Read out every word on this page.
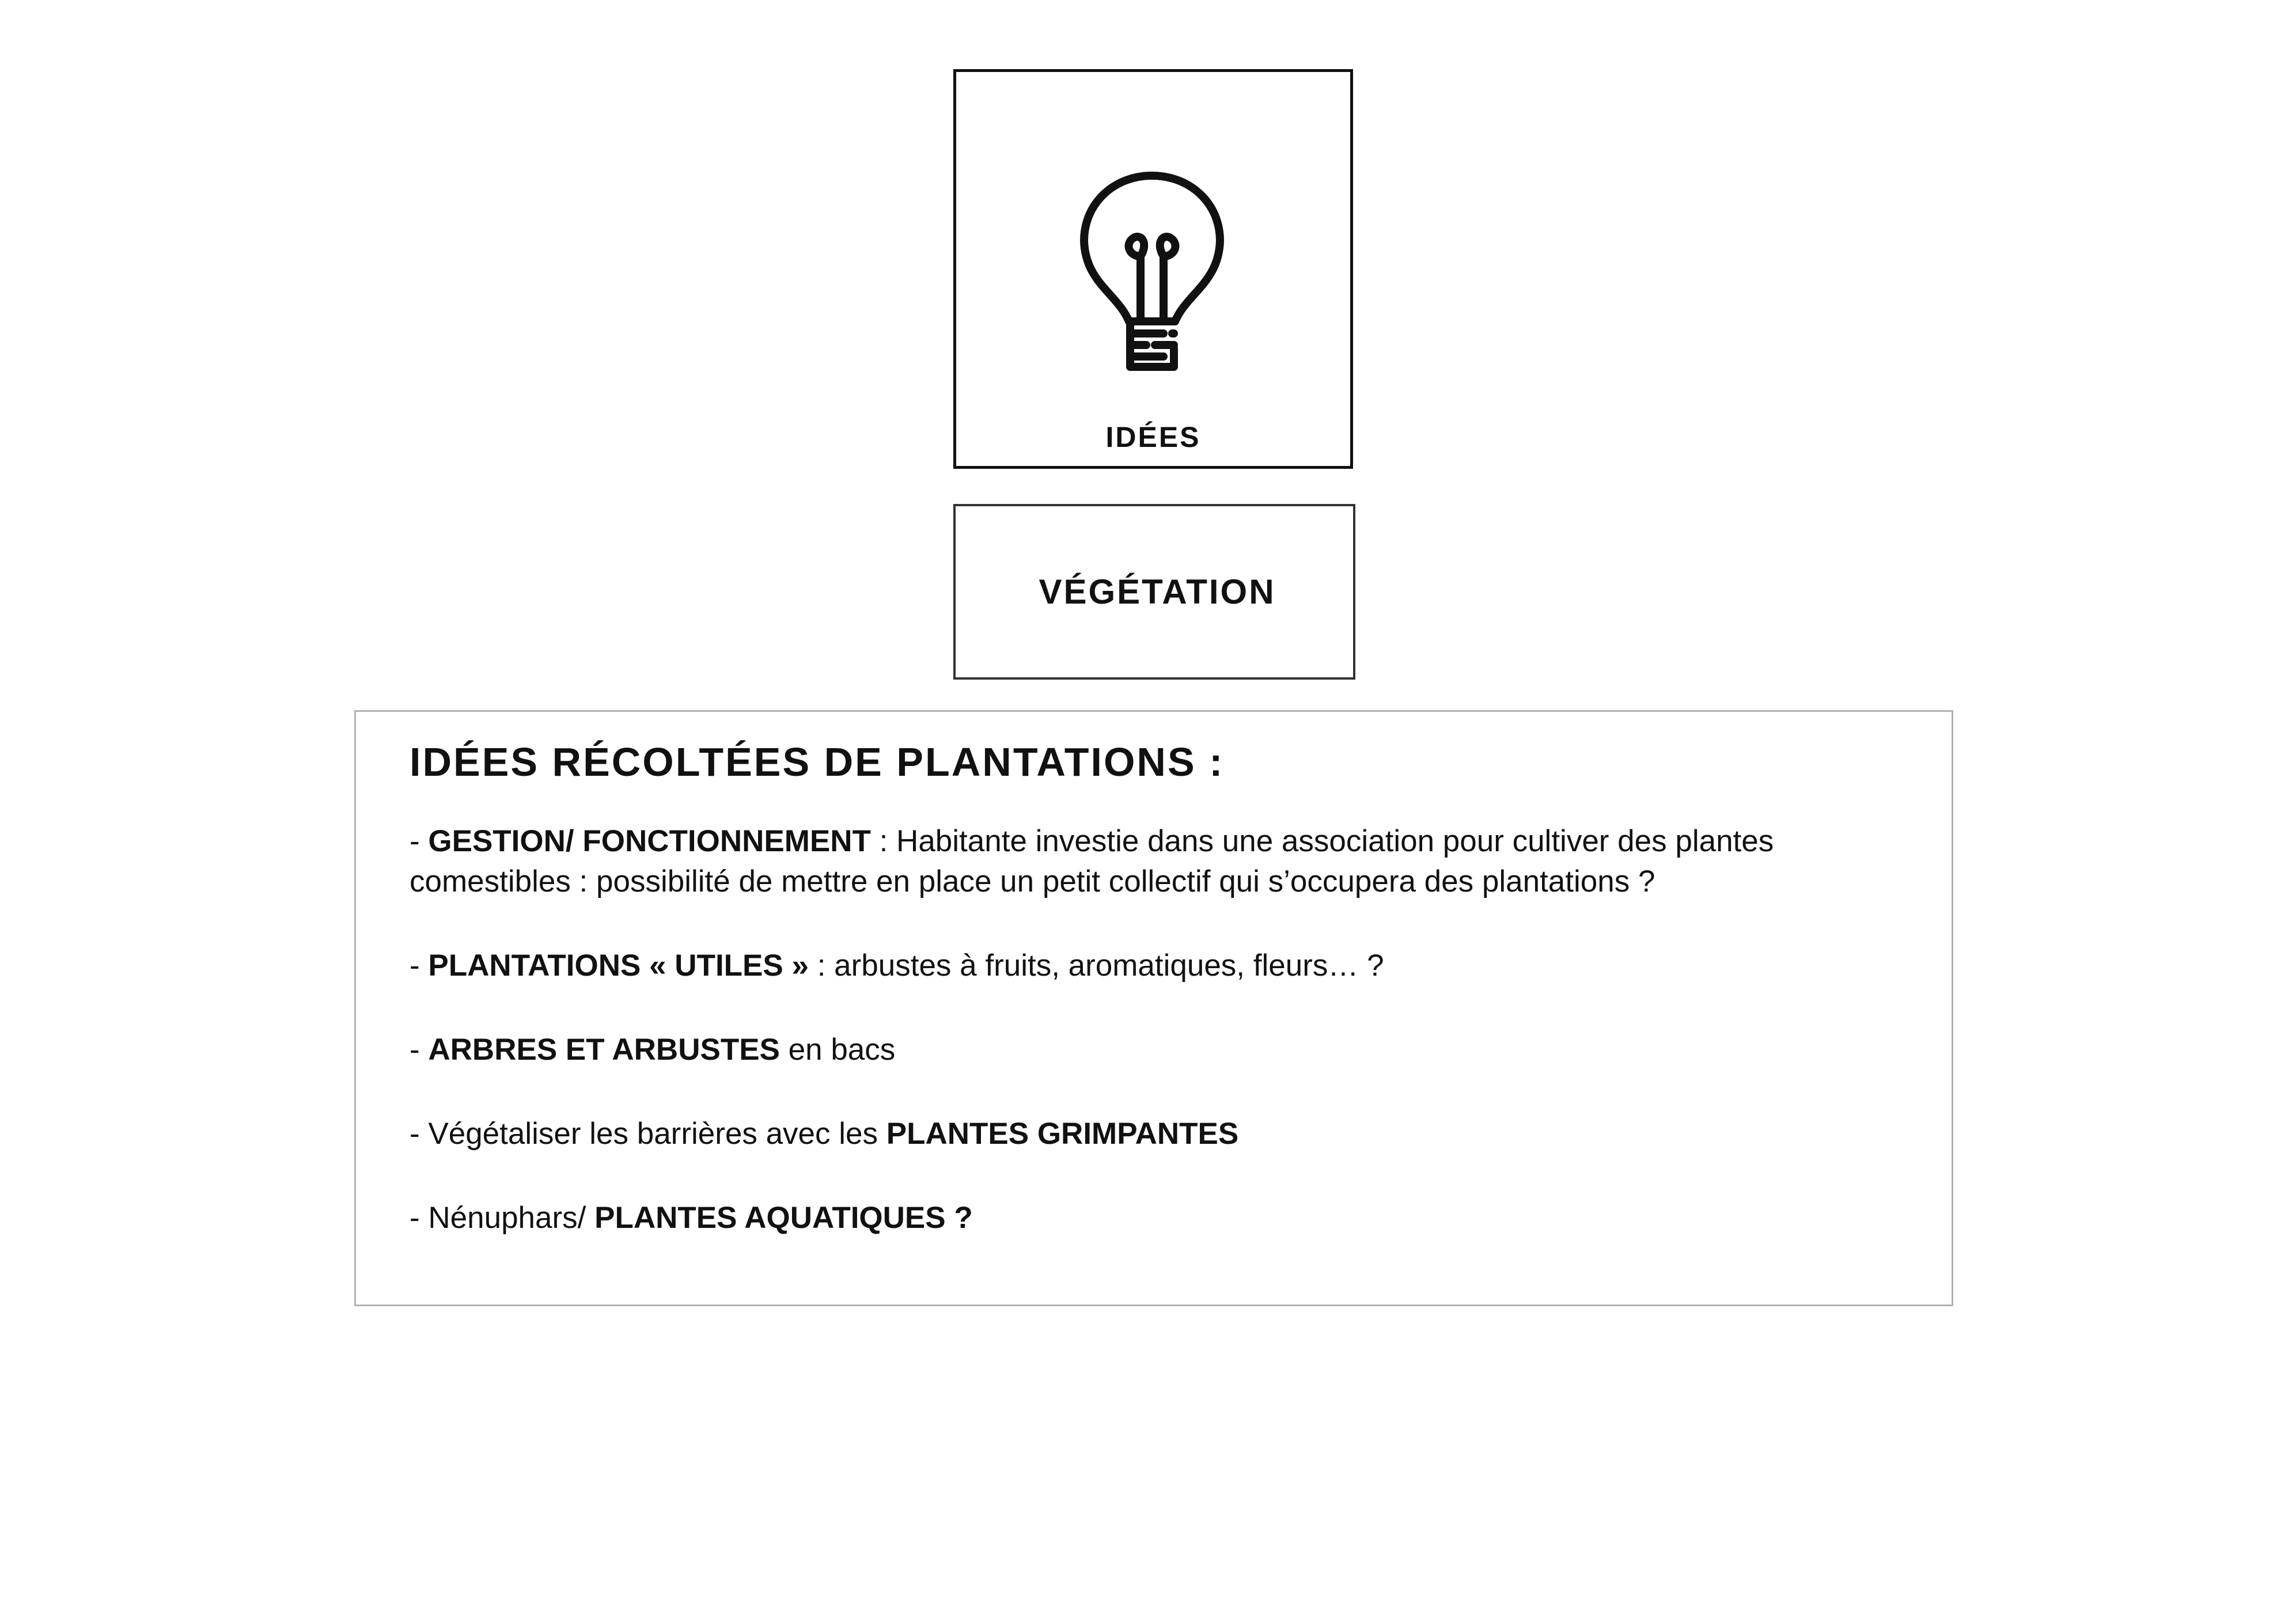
IDÉES
VÉGÉTATION
IDÉES RÉCOLTÉES DE PLANTATIONS :
- GESTION/ FONCTIONNEMENT : Habitante investie dans une association pour cultiver des plantes comestibles : possibilité de mettre en place un petit collectif qui s’occupera des plantations ?
- PLANTATIONS « UTILES » : arbustes à fruits, aromatiques, fleurs… ?
- ARBRES ET ARBUSTES en bacs
- Végétaliser les barrières avec les PLANTES GRIMPANTES
- Nénuphars/ PLANTES AQUATIQUES ?
